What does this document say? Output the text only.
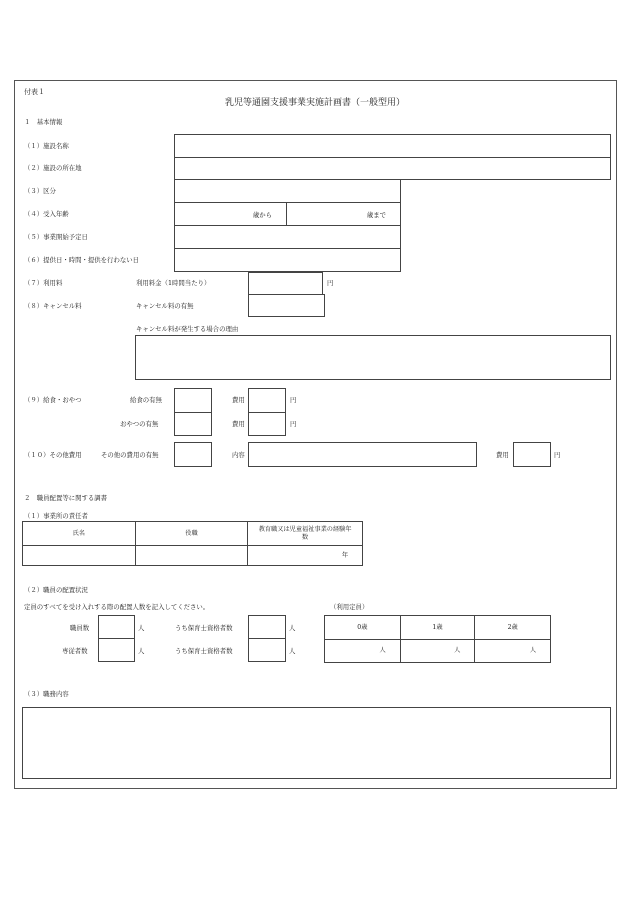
付表１
乳児等通園支援事業実施計画書（一般型用）
１　基本情報
（１）施設名称
（２）施設の所在地
（３）区分
（４）受入年齢	歳から	歳まで
（５）事業開始予定日
（６）提供日・時間・提供を行わない日
（７）利用料	利用料金（1時間当たり）	円
（８）キャンセル料	キャンセル料の有無
キャンセル料が発生する場合の理由
（９）給食・おやつ	給食の有無	費用	円
おやつの有無	費用	円
（１０）その他費用	その他の費用の有無	内容	費用	円
２　職員配置等に関する調書
（１）事業所の責任者
氏名	役職	教育職又は児童福祉事業の経験年数
		年
（２）職員の配置状況
定員のすべてを受け入れする際の配置人数を記入してください。	（利用定員）
職員数	人	うち保育士資格者数	人
専従者数	人	うち保育士資格者数	人
0歳	1歳	2歳
人	人	人
（３）職務内容
